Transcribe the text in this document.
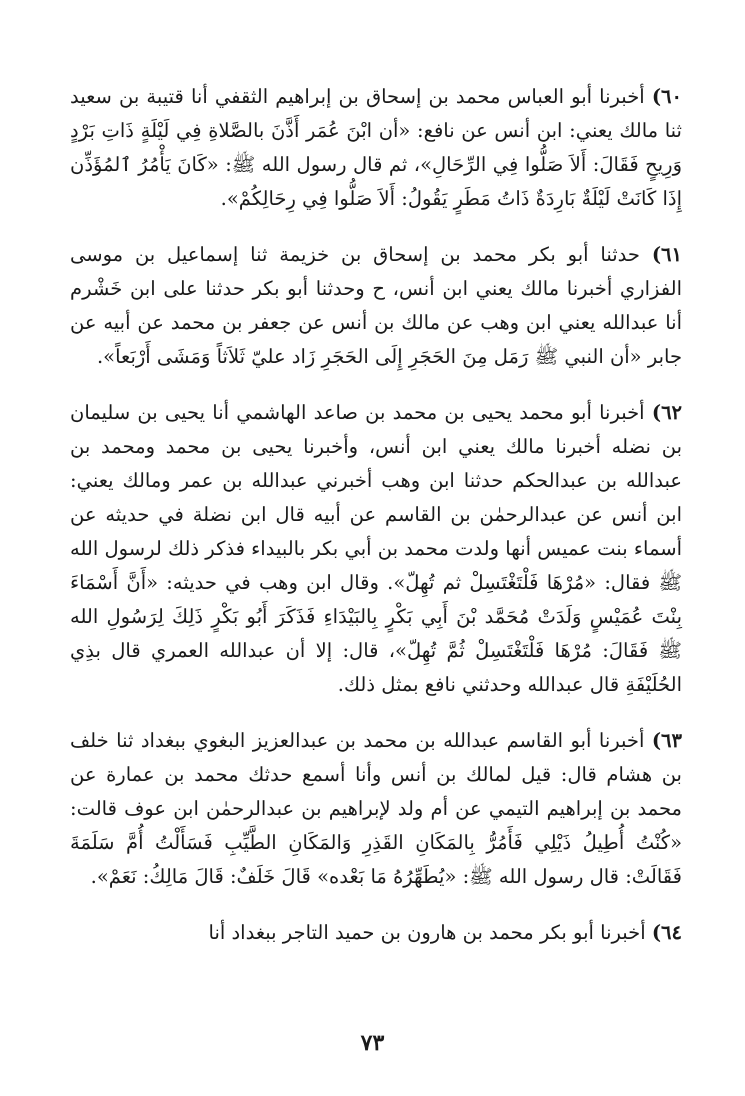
٦٠) أخبرنا أبو العباس محمد بن إسحاق بن إبراهيم الثقفي أنا قتيبة بن سعيد ثنا مالك يعني: ابن أنس عن نافع: «أن ابْنَ عُمَر أَذَّنَ بالصَّلاةِ فِي لَيْلَةٍ ذَاتِ بَرْدٍ وَرِيحٍ فَقَالَ: أَلاَ صَلُّوا فِي الرِّحَالِ»، ثم قال رسول الله ﷺ: «كَانَ يَأْمُرُ ٱلمُؤَذِّن إِذَا كَانَتْ لَيْلَةٌ بَارِدَةٌ ذَاتُ مَطَرٍ يَقُولُ: أَلاَ صَلُّوا فِي رِحَالِكُمْ».

٦١) حدثنا أبو بكر محمد بن إسحاق بن خزيمة ثنا إسماعيل بن موسى الفزاري أخبرنا مالك يعني ابن أنس، ح وحدثنا أبو بكر حدثنا على ابن خَشْرم أنا عبدالله يعني ابن وهب عن مالك بن أنس عن جعفر بن محمد عن أبيه عن جابر «أن النبي ﷺ رَمَل مِنَ الحَجَرِ إِلَى الحَجَرِ زَاد عليّ ثَلاَثاً وَمَشَى أَرْبَعاً».

٦٢) أخبرنا أبو محمد يحيى بن محمد بن صاعد الهاشمي أنا يحيى بن سليمان بن نضله أخبرنا مالك يعني ابن أنس، وأخبرنا يحيى بن محمد ومحمد بن عبدالله بن عبدالحكم حدثنا ابن وهب أخبرني عبدالله بن عمر ومالك يعني: ابن أنس عن عبدالرحمٰن بن القاسم عن أبيه قال ابن نضلة في حديثه عن أسماء بنت عميس أنها ولدت محمد بن أبي بكر بالبيداء فذكر ذلك لرسول الله ﷺ فقال: «مُرْهَا فَلْتَغْتَسِلْ ثم تُهِلّ». وقال ابن وهب في حديثه: «أَنَّ أَسْمَاءَ بِنْتَ عُمَيْسٍ وَلَدَتْ مُحَمَّد بْنَ أَبِي بَكْرٍ بِالبَيْدَاءِ فَذَكَرَ أَبُو بَكْرٍ ذَلِكَ لِرَسُولِ الله ﷺ فَقَالَ: مُرْهَا فَلْتَغْتَسِلْ ثُمَّ تُهِلّ»، قال: إلا أن عبدالله العمري قال بذِي الحُلَيْفَةِ قال عبدالله وحدثني نافع بمثل ذلك.

٦٣) أخبرنا أبو القاسم عبدالله بن محمد بن عبدالعزيز البغوي ببغداد ثنا خلف بن هشام قال: قيل لمالك بن أنس وأنا أسمع حدثك محمد بن عمارة عن محمد بن إبراهيم التيمي عن أم ولد لإبراهيم بن عبدالرحمٰن ابن عوف قالت: «كُنْتُ أُطِيلُ ذَيْلِي فَأَمُرُّ بِالمَكَانِ القَذِرِ وَالمَكَانِ الطَّيِّبِ فَسَأَلْتُ أُمَّ سَلَمَةَ فَقَالَتْ: قال رسول الله ﷺ: «يُطَهِّرُهُ مَا بَعْده» قَالَ خَلَفٌ: قَالَ مَالِكُ: نَعَمْ».

٦٤) أخبرنا أبو بكر محمد بن هارون بن حميد التاجر ببغداد أنا

٧٣
